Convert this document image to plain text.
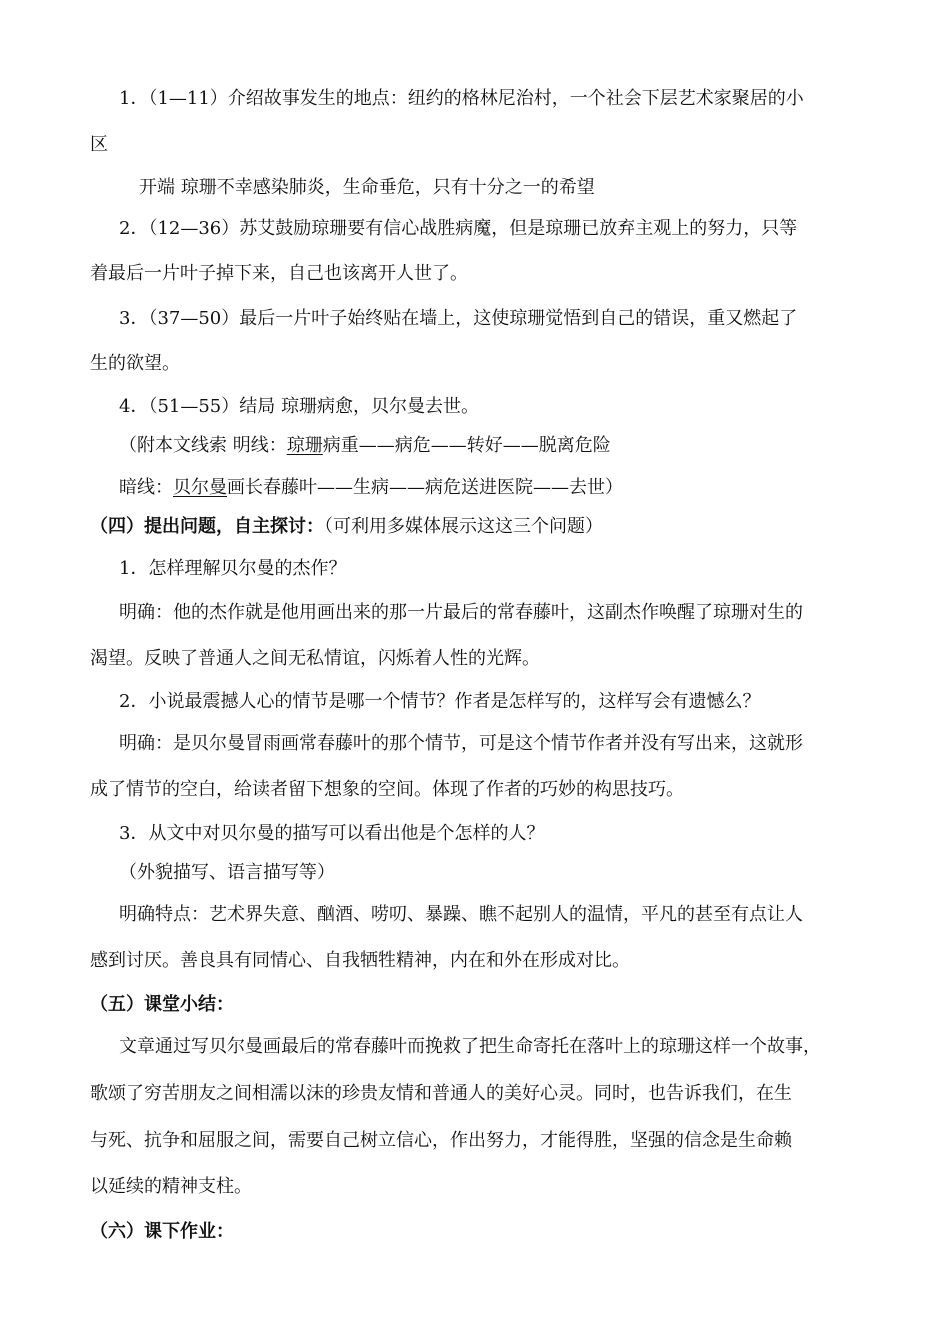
1．（1—11）介绍故事发生的地点：纽约的格林尼治村，一个社会下层艺术家聚居的小
区
开端 琼珊不幸感染肺炎，生命垂危，只有十分之一的希望
2．（12—36）苏艾鼓励琼珊要有信心战胜病魔，但是琼珊已放弃主观上的努力，只等
着最后一片叶子掉下来，自己也该离开人世了。
3．（37—50）最后一片叶子始终贴在墙上，这使琼珊觉悟到自己的错误，重又燃起了
生的欲望。
4．（51—55）结局 琼珊病愈，贝尔曼去世。
（附本文线索 明线：琼珊病重——病危——转好——脱离危险
暗线：贝尔曼画长春藤叶——生病——病危送进医院——去世）
（四）提出问题，自主探讨：（可利用多媒体展示这这三个问题）
1．怎样理解贝尔曼的杰作？
明确：他的杰作就是他用画出来的那一片最后的常春藤叶，这副杰作唤醒了琼珊对生的
渴望。反映了普通人之间无私情谊，闪烁着人性的光辉。
2．小说最震撼人心的情节是哪一个情节？作者是怎样写的，这样写会有遗憾么？
明确：是贝尔曼冒雨画常春藤叶的那个情节，可是这个情节作者并没有写出来，这就形
成了情节的空白，给读者留下想象的空间。体现了作者的巧妙的构思技巧。
3．从文中对贝尔曼的描写可以看出他是个怎样的人？
（外貌描写、语言描写等）
明确特点：艺术界失意、酗酒、唠叨、暴躁、瞧不起别人的温情，平凡的甚至有点让人
感到讨厌。善良具有同情心、自我牺牲精神，内在和外在形成对比。
（五）课堂小结：
文章通过写贝尔曼画最后的常春藤叶而挽救了把生命寄托在落叶上的琼珊这样一个故事，
歌颂了穷苦朋友之间相濡以沫的珍贵友情和普通人的美好心灵。同时，也告诉我们，在生
与死、抗争和屈服之间，需要自己树立信心，作出努力，才能得胜，坚强的信念是生命赖
以延续的精神支柱。
（六）课下作业：
